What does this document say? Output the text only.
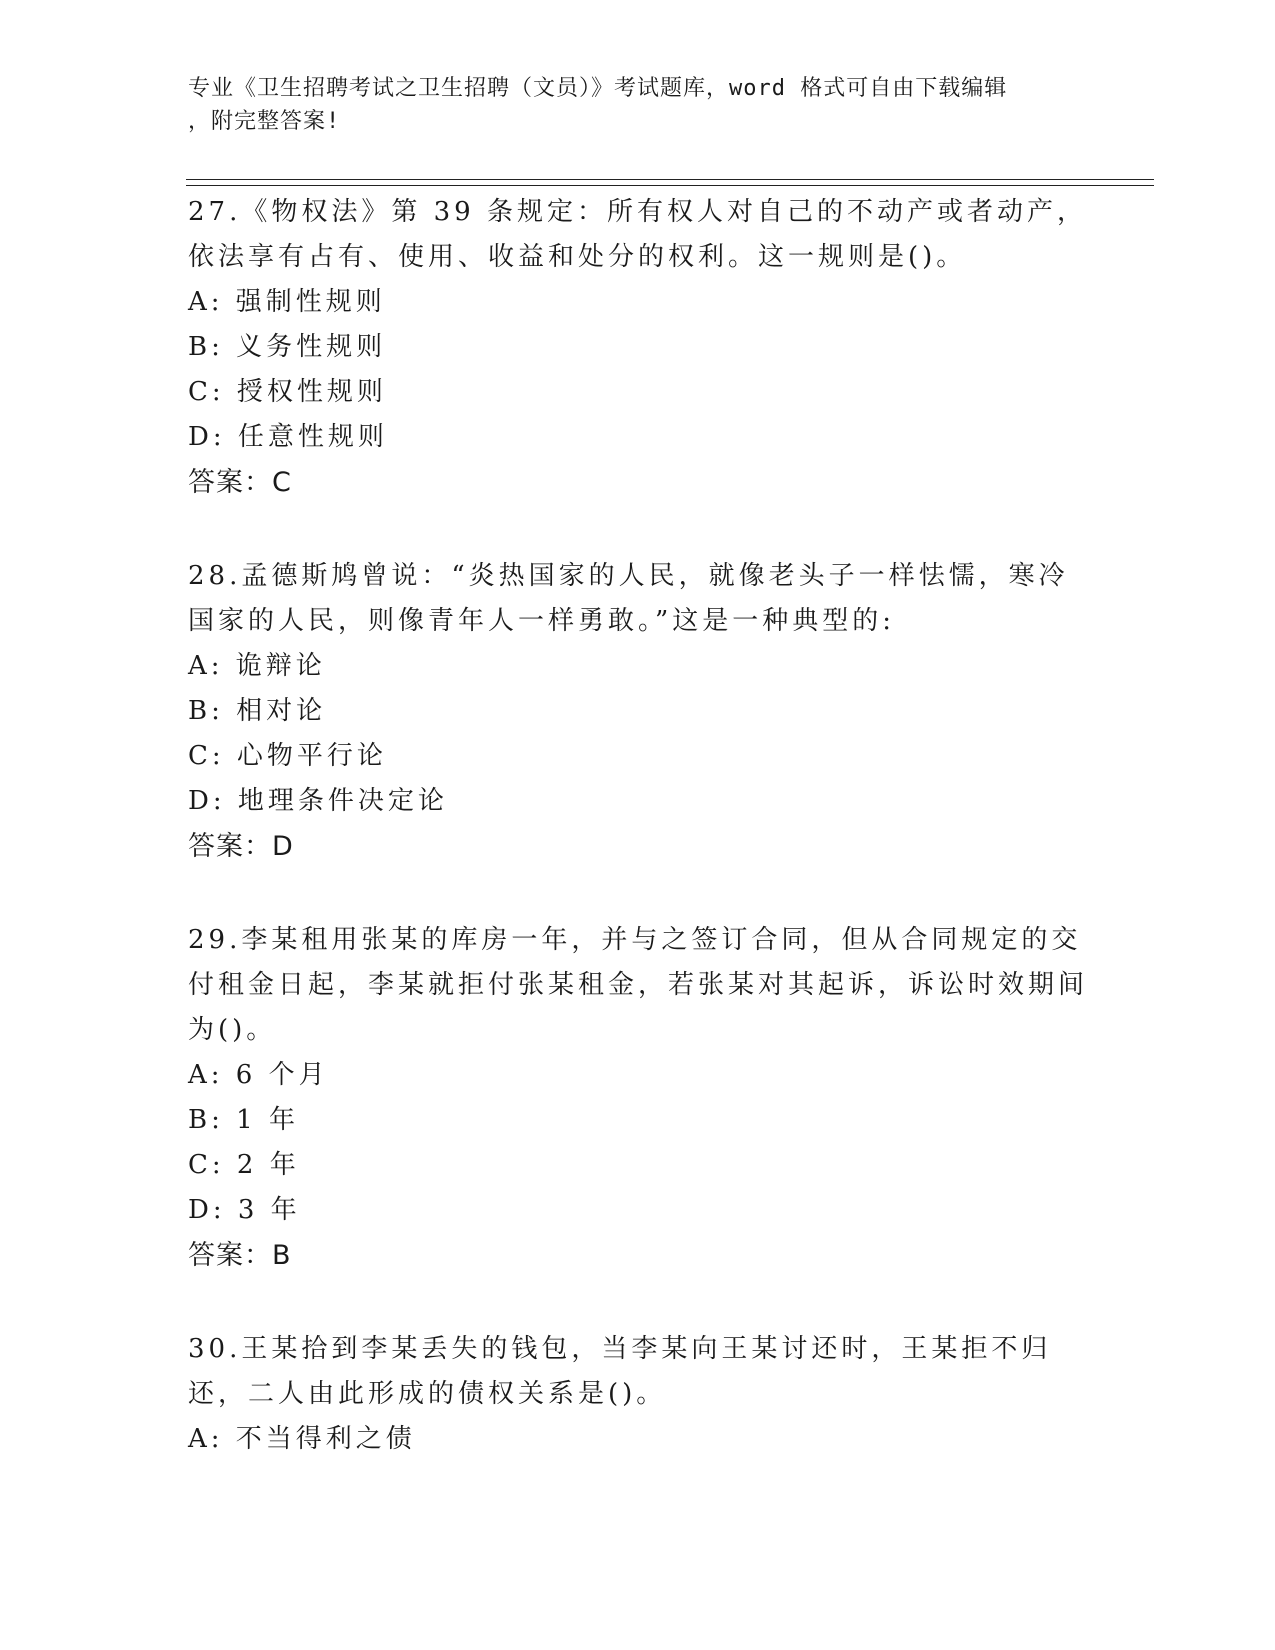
专业《卫生招聘考试之卫生招聘（文员）》考试题库，word 格式可自由下载编辑
，附完整答案!
27.《物权法》第 39 条规定：所有权人对自己的不动产或者动产，依法享有占有、使用、收益和处分的权利。这一规则是()。
A: 强制性规则
B: 义务性规则
C: 授权性规则
D: 任意性规则
答案：C
28.孟德斯鸠曾说：“炎热国家的人民，就像老头子一样怯懦，寒冷国家的人民，则像青年人一样勇敢。”这是一种典型的:
A: 诡辩论
B: 相对论
C: 心物平行论
D: 地理条件决定论
答案：D
29.李某租用张某的库房一年，并与之签订合同，但从合同规定的交付租金日起，李某就拒付张某租金，若张某对其起诉，诉讼时效期间为()。
A: 6 个月
B: 1 年
C: 2 年
D: 3 年
答案：B
30.王某拾到李某丢失的钱包，当李某向王某讨还时，王某拒不归还，二人由此形成的债权关系是()。
A: 不当得利之债
